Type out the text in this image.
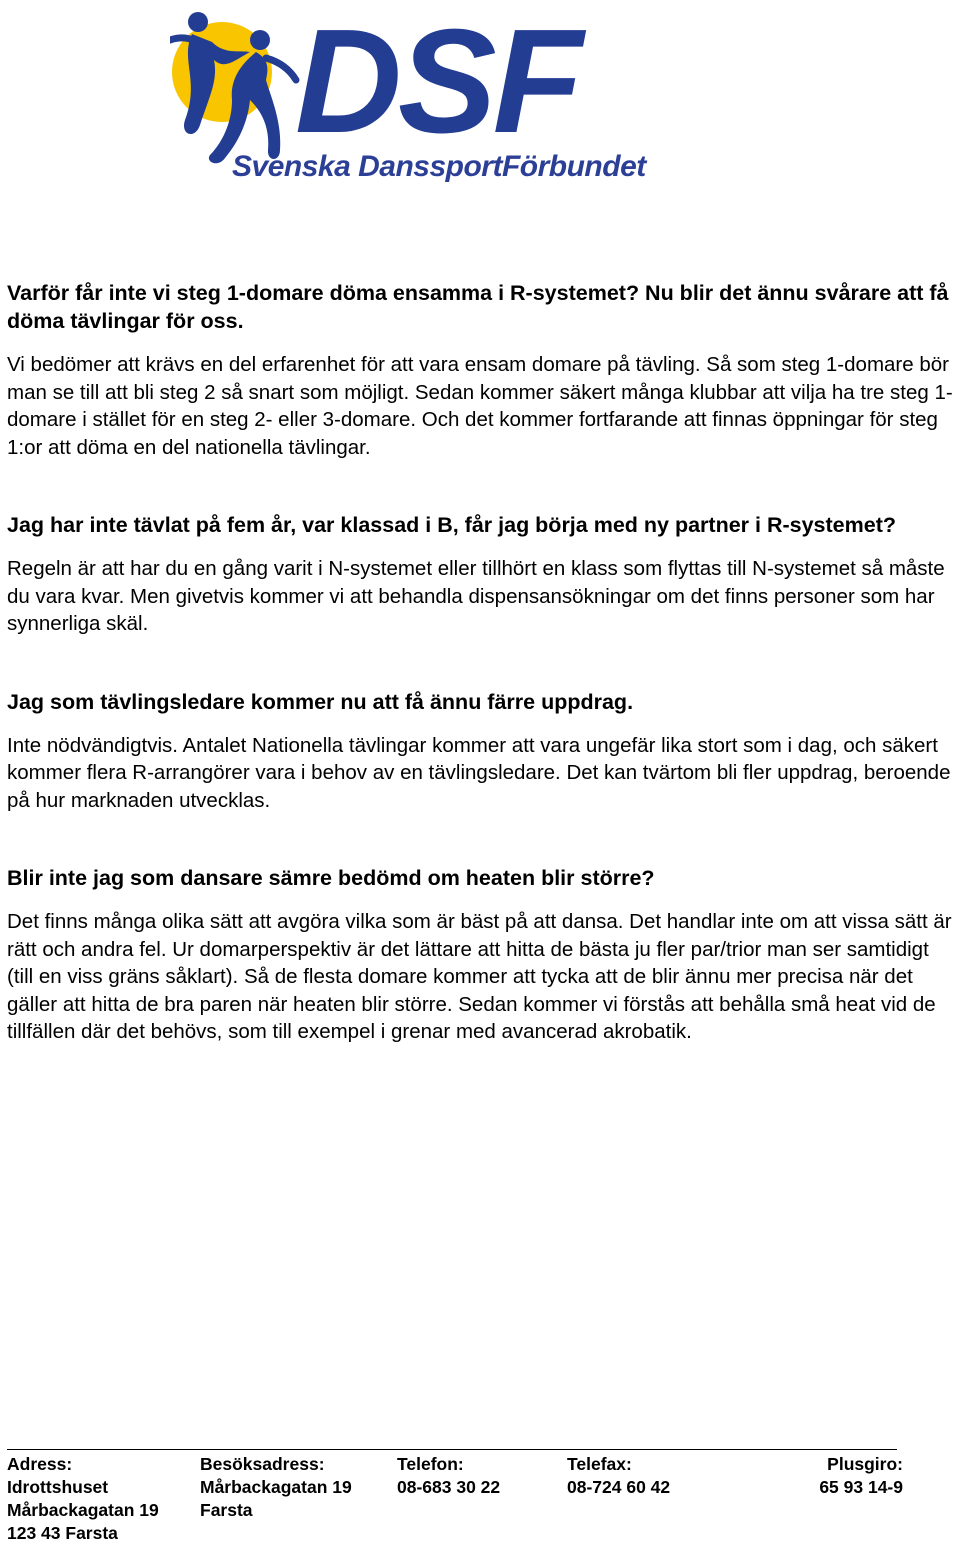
DSF
Svenska DanssportFörbundet

Varför får inte vi steg 1-domare döma ensamma i R-systemet? Nu blir det ännu svårare att få döma tävlingar för oss.

Vi bedömer att krävs en del erfarenhet för att vara ensam domare på tävling. Så som steg 1-domare bör man se till att bli steg 2 så snart som möjligt. Sedan kommer säkert många klubbar att vilja ha tre steg 1-domare i stället för en steg 2- eller 3-domare. Och det kommer fortfarande att finnas öppningar för steg 1:or att döma en del nationella tävlingar.

Jag har inte tävlat på fem år, var klassad i B, får jag börja med ny partner i R-systemet?

Regeln är att har du en gång varit i N-systemet eller tillhört en klass som flyttas till N-systemet så måste du vara kvar. Men givetvis kommer vi att behandla dispensansökningar om det finns personer som har synnerliga skäl.

Jag som tävlingsledare kommer nu att få ännu färre uppdrag.

Inte nödvändigtvis. Antalet Nationella tävlingar kommer att vara ungefär lika stort som i dag, och säkert kommer flera R-arrangörer vara i behov av en tävlingsledare. Det kan tvärtom bli fler uppdrag, beroende på hur marknaden utvecklas.

Blir inte jag som dansare sämre bedömd om heaten blir större?

Det finns många olika sätt att avgöra vilka som är bäst på att dansa. Det handlar inte om att vissa sätt är rätt och andra fel. Ur domarperspektiv är det lättare att hitta de bästa ju fler par/trior man ser samtidigt (till en viss gräns såklart). Så de flesta domare kommer att tycka att de blir ännu mer precisa när det gäller att hitta de bra paren när heaten blir större. Sedan kommer vi förstås att behålla små heat vid de tillfällen där det behövs, som till exempel i grenar med avancerad akrobatik.

Adress:
Idrottshuset
Mårbackagatan 19
123 43 Farsta
Besöksadress:
Mårbackagatan 19
Farsta
Telefon:
08-683 30 22
Telefax:
08-724 60 42
Plusgiro:
65 93 14-9
